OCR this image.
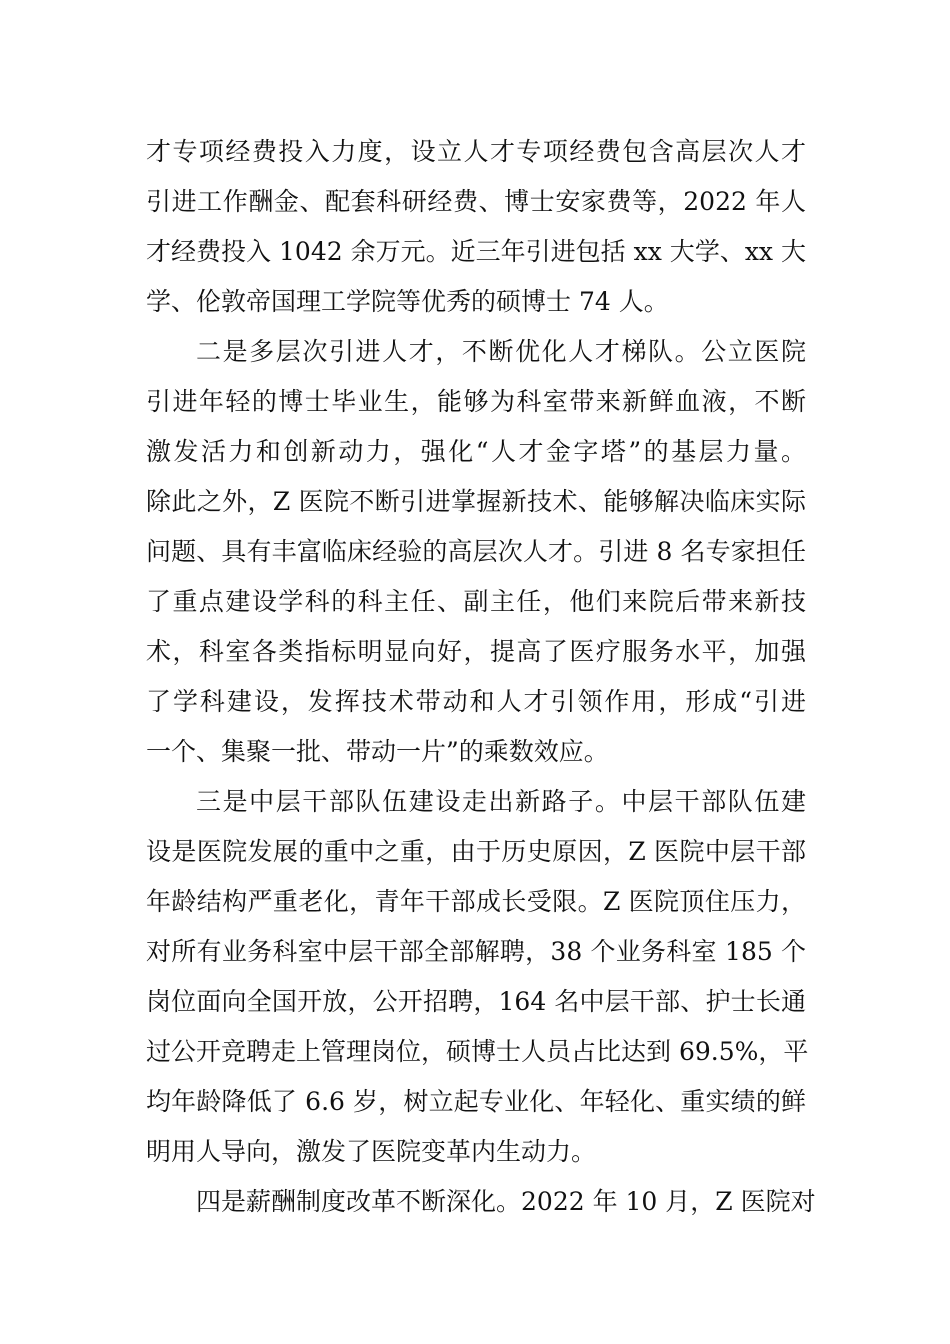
才专项经费投入力度，设立人才专项经费包含高层次人才
引进工作酬金、配套科研经费、博士安家费等，2022 年人
才经费投入 1042 余万元。近三年引进包括 xx 大学、xx 大
学、伦敦帝国理工学院等优秀的硕博士 74 人。
二是多层次引进人才，不断优化人才梯队。公立医院
引进年轻的博士毕业生，能够为科室带来新鲜血液，不断
激发活力和创新动力，强化“人才金字塔”的基层力量。
除此之外，Z 医院不断引进掌握新技术、能够解决临床实际
问题、具有丰富临床经验的高层次人才。引进 8 名专家担任
了重点建设学科的科主任、副主任，他们来院后带来新技
术，科室各类指标明显向好，提高了医疗服务水平，加强
了学科建设，发挥技术带动和人才引领作用，形成“引进
一个、集聚一批、带动一片”的乘数效应。
三是中层干部队伍建设走出新路子。中层干部队伍建
设是医院发展的重中之重，由于历史原因，Z 医院中层干部
年龄结构严重老化，青年干部成长受限。Z 医院顶住压力，
对所有业务科室中层干部全部解聘，38 个业务科室 185 个
岗位面向全国开放，公开招聘，164 名中层干部、护士长通
过公开竞聘走上管理岗位，硕博士人员占比达到 69.5%，平
均年龄降低了 6.6 岁，树立起专业化、年轻化、重实绩的鲜
明用人导向，激发了医院变革内生动力。
四是薪酬制度改革不断深化。2022 年 10 月，Z 医院对
